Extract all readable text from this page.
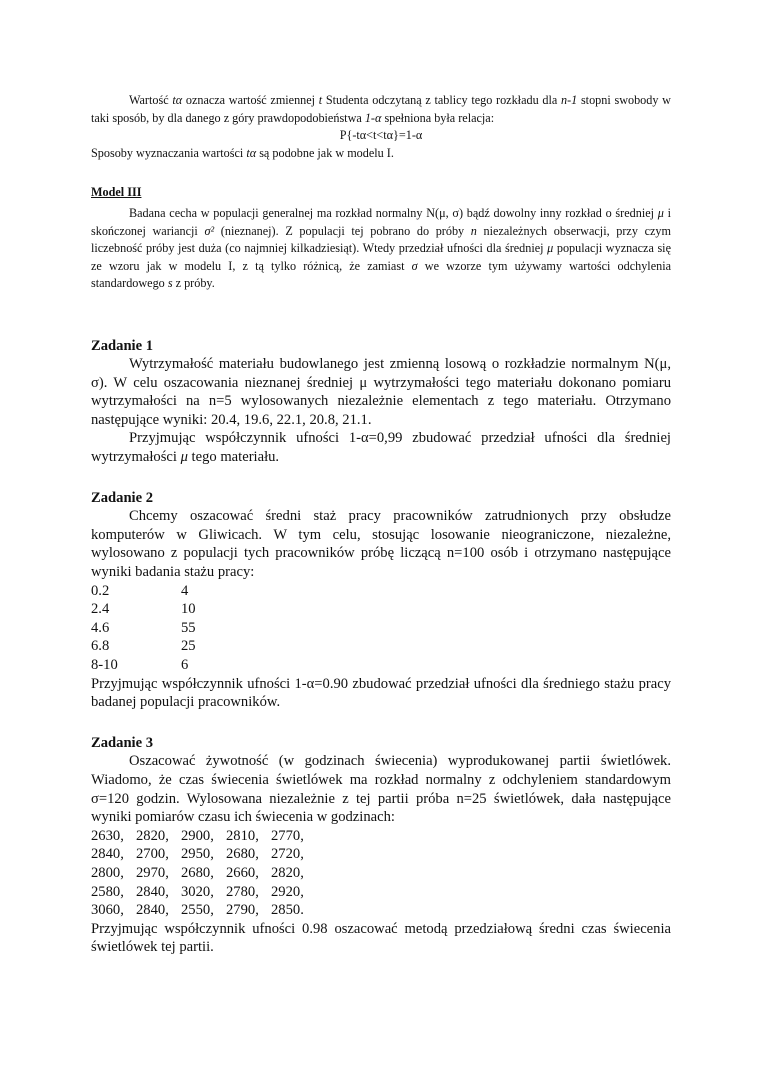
Wartość tα oznacza wartość zmiennej t Studenta odczytaną z tablicy tego rozkładu dla n-1 stopni swobody w taki sposób, by dla danego z góry prawdopodobieństwa 1-α spełniona była relacja:

P{-tα<t<tα}=1-α

Sposoby wyznaczania wartości tα są podobne jak w modelu I.

Model III

Badana cecha w populacji generalnej ma rozkład normalny N(μ, σ) bądź dowolny inny rozkład o średniej μ i skończonej wariancji σ² (nieznanej). Z populacji tej pobrano do próby n niezależnych obserwacji, przy czym liczebność próby jest duża (co najmniej kilkadziesiąt). Wtedy przedział ufności dla średniej μ populacji wyznacza się ze wzoru jak w modelu I, z tą tylko różnicą, że zamiast σ we wzorze tym używamy wartości odchylenia standardowego s z próby.

Zadanie 1

Wytrzymałość materiału budowlanego jest zmienną losową o rozkładzie normalnym N(μ, σ). W celu oszacowania nieznanej średniej μ wytrzymałości tego materiału dokonano pomiaru wytrzymałości na n=5 wylosowanych niezależnie elementach z tego materiału. Otrzymano następujące wyniki: 20.4, 19.6, 22.1, 20.8, 21.1.

Przyjmując współczynnik ufności 1-α=0,99 zbudować przedział ufności dla średniej wytrzymałości μ tego materiału.

Zadanie 2

Chcemy oszacować średni staż pracy pracowników zatrudnionych przy obsłudze komputerów w Gliwicach. W tym celu, stosując losowanie nieograniczone, niezależne, wylosowano z populacji tych pracowników próbę liczącą n=100 osób i otrzymano następujące wyniki badania stażu pracy:

0.2	4
2.4	10
4.6	55
6.8	25
8-10	6

Przyjmując współczynnik ufności 1-α=0.90 zbudować przedział ufności dla średniego stażu pracy badanej populacji pracowników.

Zadanie 3

Oszacować żywotność (w godzinach świecenia) wyprodukowanej partii świetlówek. Wiadomo, że czas świecenia świetlówek ma rozkład normalny z odchyleniem standardowym σ=120 godzin. Wylosowana niezależnie z tej partii próba n=25 świetlówek, dała następujące wyniki pomiarów czasu ich świecenia w godzinach:

2630, 2820, 2900, 2810, 2770,
2840, 2700, 2950, 2680, 2720,
2800, 2970, 2680, 2660, 2820,
2580, 2840, 3020, 2780, 2920,
3060, 2840, 2550, 2790, 2850.

Przyjmując współczynnik ufności 0.98 oszacować metodą przedziałową średni czas świecenia świetlówek tej partii.
